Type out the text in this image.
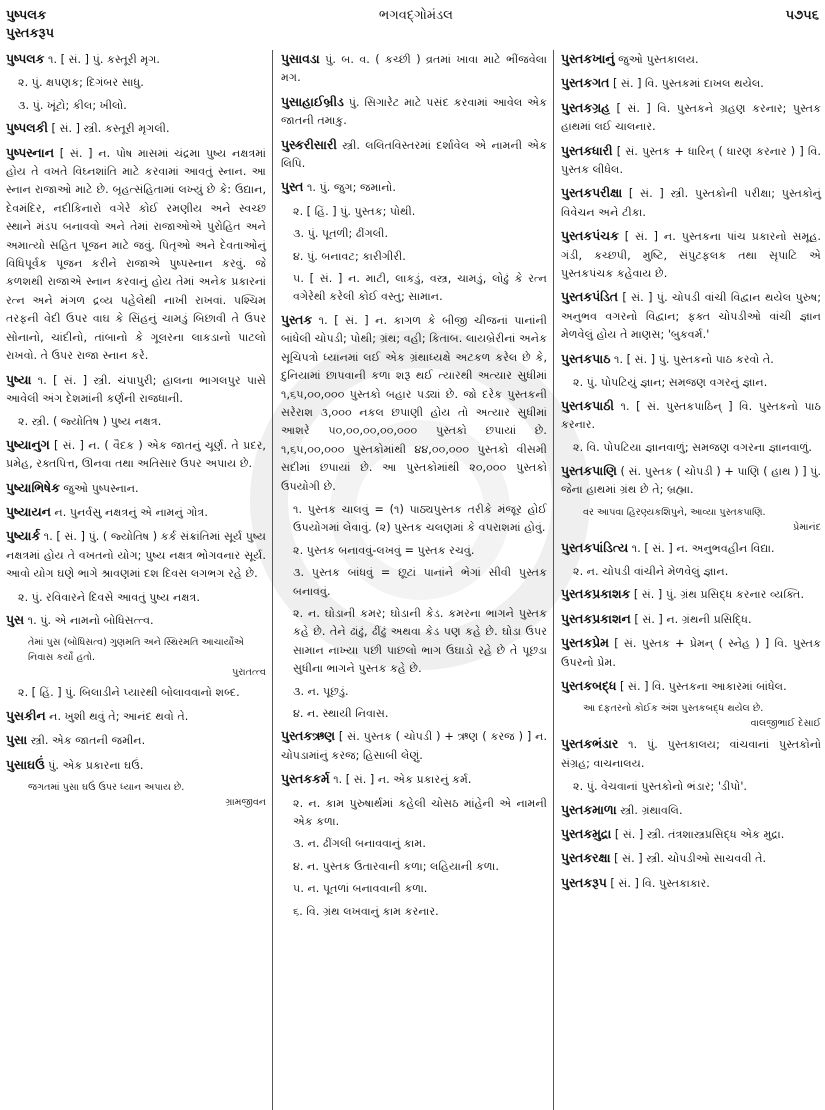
પુષ્પલક	ભગવદ્ગોમંડલ	૫૭૫૬
પુસ્તકરૂપ
પુષ્પલક ૧. [ સં. ] પું. કસ્તૂરી મૃગ.
૨. પું. ક્ષપણક; દિગંબર સાધુ.
૩. પું. ખૂંટો; કીલ; ખીલો.
પુષ્પલકી [ સં. ] સ્ત્રી. કસ્તૂરી મૃગલી.
પુષ્પસ્નાન [ સં. ] ન. પોષ માસમાં ચંદ્રમા પુષ્ય નક્ષત્રમાં હોય તે વખતે વિઘ્નશાંતિ માટે કરવામાં આવતું સ્નાન. આ સ્નાન રાજાઓ માટે છે. બૃહત્સંહિતામાં લખ્યું છે કે: ઉદ્યાન, દેવમંદિર, નદીકિનારો વગેરે કોઈ રમણીય અને સ્વચ્છ સ્થાને મંડપ બનાવવો અને તેમાં રાજાઓએ પુરોહિત અને અમાત્યો સહિત પૂજન માટે જવું. પિતૃઓ અને દેવતાઓનું વિધિપૂર્વક પૂજન કરીને રાજાએ પુષ્પસ્નાન કરવું. જે કળશથી રાજાએ સ્નાન કરવાનું હોય તેમાં અનેક પ્રકારનાં રત્ન અને મંગળ દ્રવ્ય પહેલેથી નાખી રાખવાં. પશ્ચિમ તરફની વેદી ઉપર વાઘ કે સિંહનું ચામડું બિછાવી તે ઉપર સોનાનો, ચાંદીનો, તાંબાનો કે ગૂલરના લાકડાનો પાટલો રાખવો. તે ઉપર રાજા સ્નાન કરે.
પુષ્યા ૧. [ સં. ] સ્ત્રી. ચંપાપુરી; હાલના ભાગલપુર પાસે આવેલી અંગ દેશમાંની કર્ણની રાજધાની.
૨. સ્ત્રી. ( જ્યોતિષ ) પુષ્ય નક્ષત્ર.
પુષ્યાનુગ [ સં. ] ન. ( વૈદક ) એક જાતનું ચૂર્ણ. તે પ્રદર, પ્રમેહ, રક્તપિત્ત, ઊનવા તથા અતિસાર ઉપર અપાય છે.
પુષ્યાભિષેક જુઓ પુષ્પસ્નાન.
પુષ્યાયન ન. પુનર્વસુ નક્ષત્રનું એ નામનું ગોત્ર.
પુષ્યાર્ક ૧. [ સં. ] પું. ( જ્યોતિષ ) કર્ક સંક્રાંતિમાં સૂર્ય પુષ્ય નક્ષત્રમાં હોય તે વખતનો યોગ; પુષ્ય નક્ષત્ર ભોગવનાર સૂર્ય. આવો યોગ ઘણે ભાગે શ્રાવણમાં દશ દિવસ લગભગ રહે છે.
૨. પું. રવિવારને દિવસે આવતું પુષ્ય નક્ષત્ર.
પુસ ૧. પું. એ નામનો બોધિસત્ત્વ.
તેમાં પુસ (બોધિસત્વ) ગુણમતિ અને સ્થિરમતિ આચાર્યોએ નિવાસ કર્યો હતો.
પુરાતત્ત્વ
૨. [ હિં. ] પું. બિલાડીને પ્યારથી બોલાવવાનો શબ્દ.
પુસકીન ન. ખુશી થવું તે; આનંદ થવો તે.
પુસા સ્ત્રી. એક જાતની જમીન.
પુસાઘઉં પું. એક પ્રકારના ઘઉં.
જગતમાં પુસા ઘઉં ઉપર ધ્યાન અપાય છે.
ગ્રામજીવન
પુસાવડા પું. બ. વ. ( કચ્છી ) વ્રતમાં ખાવા માટે ભીંજવેલા મગ.
પુસાહાઈબ્રીડ પું. સિગારેટ માટે પસંદ કરવામાં આવેલ એક જાતની તમાકુ.
પુસ્કરીસારી સ્ત્રી. લલિતવિસ્તરમાં દર્શાવેલ એ નામની એક લિપિ.
પુસ્ત ૧. પું. જુગ; જમાનો.
૨. [ હિં. ] પું. પુસ્તક; પોથી.
૩. પું. પૂતળી; ઢીંગલી.
૪. પું. બનાવટ; કારીગીરી.
૫. [ સં. ] ન. માટી, લાકડું, વસ્ત્ર, ચામડું, લોઢું કે રત્ન વગેરેથી કરેલી કોઈ વસ્તુ; સામાન.
પુસ્તક ૧. [ સં. ] ન. કાગળ કે બીજી ચીજનાં પાનાંની બાંધેલી ચોપડી; પોથી; ગ્રંથ; વહી; કિતાબ. લાયબ્રેરીનાં અનેક સૂચિપત્રો ધ્યાનમાં લઈ એક ગ્રંથાધ્યક્ષે અટકળ કરેલ છે કે, દુનિયામાં છાપવાની કળા શરૂ થઈ ત્યારથી અત્યાર સુધીમાં ૧,૬૫,૦૦,૦૦૦ પુસ્તકો બહાર પડ્યાં છે. જો દરેક પુસ્તકની સરેરાશ ૩,૦૦૦ નકલ છપાણી હોય તો અત્યાર સુધીમાં આશરે ૫૦,૦૦,૦૦,૦૦,૦૦૦ પુસ્તકો છપાયાં છે. ૧,૬૫,૦૦,૦૦૦ પુસ્તકોમાંથી ૪૪,૦૦,૦૦૦ પુસ્તકો વીસમી સદીમાં છપાયાં છે. આ પુસ્તકોમાંથી ૨૦,૦૦૦ પુસ્તકો ઉપયોગી છે.
૧. પુસ્તક ચાલવું = (૧) પાઠ્યપુસ્તક તરીકે મંજૂર હોઈ ઉપયોગમાં લેવાવું. (૨) પુસ્તક ચલણમાં કે વપરાશમાં હોવું.
૨. પુસ્તક બનાવવું-લખવું = પુસ્તક રચવું.
૩. પુસ્તક બાંધવું = છૂટાં પાનાંને ભેગાં સીવી પુસ્તક બનાવવું.
૨. ન. ઘોડાની કમર; ઘોડાની કેડ. કમરના ભાગને પુસ્તક કહે છે. તેને ઢાંઢું, ઢીંઢું અથવા કેડ પણ કહે છે. ઘોડા ઉપર સામાન નાખ્યા પછી પાછલો ભાગ ઉઘાડો રહે છે તે પૂછડા સુધીના ભાગને પુસ્તક કહે છે.
૩. ન. પૂછડું.
૪. ન. સ્થાયી નિવાસ.
પુસ્તકઋણ [ સં. પુસ્તક ( ચોપડી ) + ઋણ ( કરજ ) ] ન. ચોપડામાંનું કરજ; હિસાબી લેણું.
પુસ્તકકર્મ ૧. [ સં. ] ન. એક પ્રકારનું કર્મ.
૨. ન. કામ પુરુષાર્થમાં કહેલી ચોસઠ માંહેની એ નામની એક કળા.
૩. ન. ઢીંગલી બનાવવાનું કામ.
૪. ન. પુસ્તક ઉતારવાની કળા; લહિયાની કળા.
૫. ન. પૂતળાં બનાવવાની કળા.
૬. વિ. ગ્રંથ લખવાનું કામ કરનાર.
પુસ્તકખાનું જુઓ પુસ્તકાલય.
પુસ્તકગત [ સં. ] વિ. પુસ્તકમાં દાખલ થયેલ.
પુસ્તકગ્રહ [ સં. ] વિ. પુસ્તકને ગ્રહણ કરનાર; પુસ્તક હાથમાં લઈ ચાલનાર.
પુસ્તકધારી [ સં. પુસ્તક + ધારિન્ ( ધારણ કરનાર ) ] વિ. પુસ્તક લીધેલ.
પુસ્તકપરીક્ષા [ સં. ] સ્ત્રી. પુસ્તકોની પરીક્ષા; પુસ્તકોનું વિવેચન અને ટીકા.
પુસ્તકપંચક [ સં. ] ન. પુસ્તકના પાંચ પ્રકારનો સમૂહ. ગંડી, કચ્છપી, મુષ્ટિ, સંપુટફલક તથા સૃપાટિ એ પુસ્તકપંચક કહેવાય છે.
પુસ્તકપંડિત [ સં. ] પું. ચોપડી વાંચી વિદ્વાન થયેલ પુરુષ; અનુભવ વગરનો વિદ્વાન; ફક્ત ચોપડીઓ વાંચી જ્ઞાન મેળવેલું હોય તે માણસ; 'બુકવર્મ.'
પુસ્તકપાઠ ૧. [ સં. ] પું. પુસ્તકનો પાઠ કરવો તે.
૨. પું. પોપટિયું જ્ઞાન; સમજણ વગરનું જ્ઞાન.
પુસ્તકપાઠી ૧. [ સં. પુસ્તકપાઠિન્ ] વિ. પુસ્તકનો પાઠ કરનાર.
૨. વિ. પોપટિયા જ્ઞાનવાળું; સમજણ વગરના જ્ઞાનવાળું.
પુસ્તકપાણિ ( સં. પુસ્તક ( ચોપડી ) + પાણિ ( હાથ ) ] પું. જેના હાથમાં ગ્રંથ છે તે; બ્રહ્મા.
વર આપવા હિરણ્યકશિપુને, આવ્યા પુસ્તકપાણિ.
પ્રેમાનંદ
પુસ્તકપાંડિત્ય ૧. [ સં. ] ન. અનુભવહીન વિદ્યા.
૨. ન. ચોપડી વાંચીને મેળવેલું જ્ઞાન.
પુસ્તકપ્રકાશક [ સં. ] પું. ગ્રંથ પ્રસિદ્ધ કરનાર વ્યક્તિ.
પુસ્તકપ્રકાશન [ સં. ] ન. ગ્રંથની પ્રસિદ્ધિ.
પુસ્તકપ્રેમ [ સં. પુસ્તક + પ્રેમન્ ( સ્નેહ ) ] વિ. પુસ્તક ઉપરનો પ્રેમ.
પુસ્તકબદ્ધ [ સં. ] વિ. પુસ્તકના આકારમાં બાંધેલ.
આ દફતરનો કોઈક અંશ પુસ્તકબદ્ધ થયેલ છે.
વાલજીભાઈ દેસાઈ
પુસ્તકભંડાર ૧. પું. પુસ્તકાલય; વાંચવાનાં પુસ્તકોનો સંગ્રહ; વાચનાલય.
૨. પું. વેચવાનાં પુસ્તકોનો ભંડાર; 'ડીપો'.
પુસ્તકમાળા સ્ત્રી. ગ્રંથાવલિ.
પુસ્તકમુદ્રા [ સં. ] સ્ત્રી. તંત્રશાસ્ત્રપ્રસિદ્ધ એક મુદ્રા.
પુસ્તકરક્ષા [ સં. ] સ્ત્રી. ચોપડીઓ સાચવવી તે.
પુસ્તકરૂપ [ સં. ] વિ. પુસ્તકાકાર.
